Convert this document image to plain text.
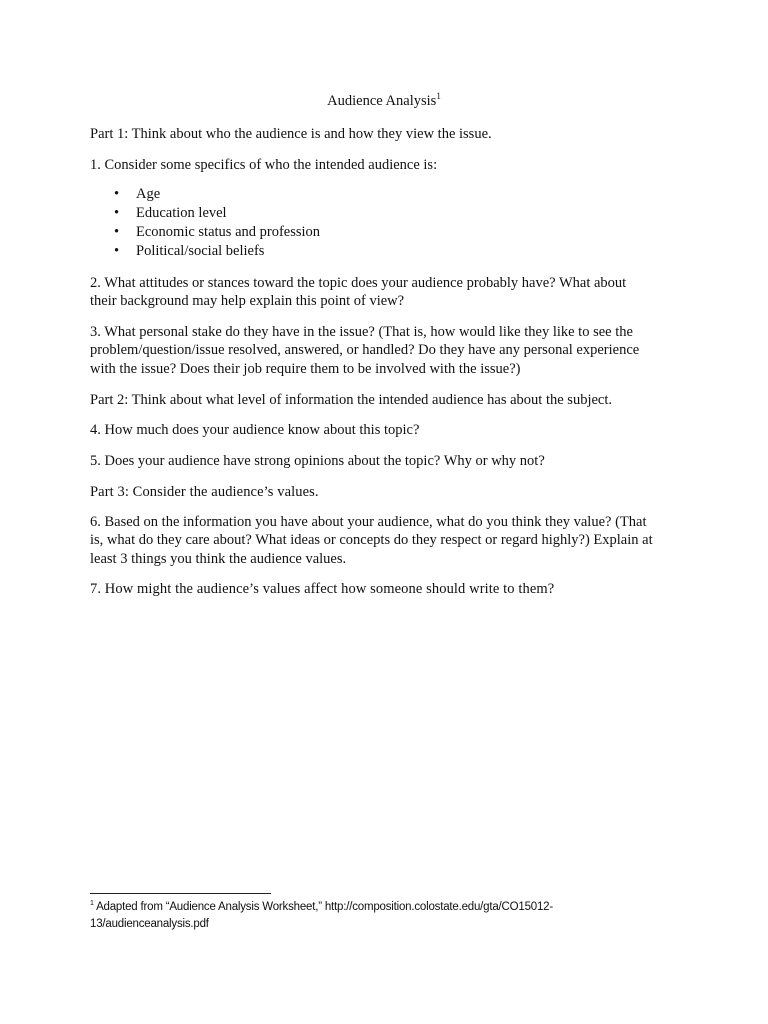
Audience Analysis$^1$

Part 1: Think about who the audience is and how they view the issue.

1. Consider some specifics of who the intended audience is:

• Age
• Education level
• Economic status and profession
• Political/social beliefs
2. What attitudes or stances toward the topic does your audience probably have? What about
their background may help explain this point of view?
3. What personal stake do they have in the issue? (That is, how would like they like to see the
problem/question/issue resolved, answered, or handled? Do they have any personal experience
with the issue? Does their job require them to be involved with the issue?)

Part 2: Think about what level of information the intended audience has about the subject.

4. How much does your audience know about this topic?

5. Does your audience have strong opinions about the topic? Why or why not?

Part 3: Consider the audience’s values.

6. Based on the information you have about your audience, what do you think they value? (That
is, what do they care about? What ideas or concepts do they respect or regard highly?) Explain at
least 3 things you think the audience values.

7. How might the audience’s values affect how someone should write to them?

$^1$ Adapted from “Audience Analysis Worksheet,” http://composition.colostate.edu/gta/CO15012-
13/audienceanalysis.pdf
